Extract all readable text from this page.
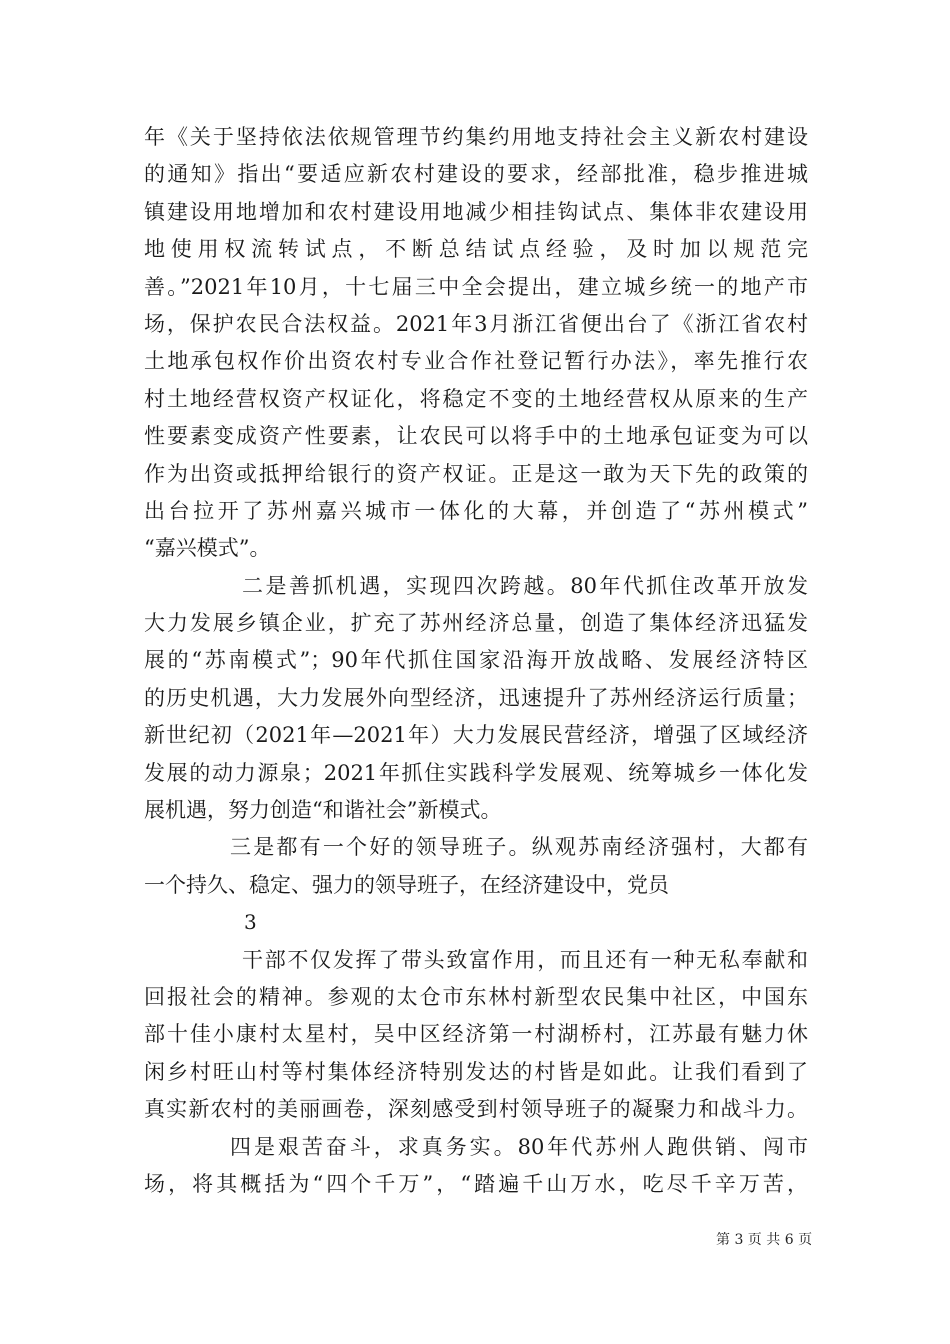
年《关于坚持依法依规管理节约集约用地支持社会主义新农村建设
的通知》指出“要适应新农村建设的要求，经部批准，稳步推进城
镇建设用地增加和农村建设用地减少相挂钩试点、集体非农建设用
地使用权流转试点，不断总结试点经验，及时加以规范完
善。”2021年10月，十七届三中全会提出，建立城乡统一的地产市
场，保护农民合法权益。2021年3月浙江省便出台了《浙江省农村
土地承包权作价出资农村专业合作社登记暂行办法》，率先推行农
村土地经营权资产权证化，将稳定不变的土地经营权从原来的生产
性要素变成资产性要素，让农民可以将手中的土地承包证变为可以
作为出资或抵押给银行的资产权证。正是这一敢为天下先的政策的
出台拉开了苏州嘉兴城市一体化的大幕，并创造了“苏州模式”
“嘉兴模式”。
二是善抓机遇，实现四次跨越。80年代抓住改革开放发
大力发展乡镇企业，扩充了苏州经济总量，创造了集体经济迅猛发
展的“苏南模式”；90年代抓住国家沿海开放战略、发展经济特区
的历史机遇，大力发展外向型经济，迅速提升了苏州经济运行质量；
新世纪初（2021年—2021年）大力发展民营经济，增强了区域经济
发展的动力源泉；2021年抓住实践科学发展观、统筹城乡一体化发
展机遇，努力创造“和谐社会”新模式。
三是都有一个好的领导班子。纵观苏南经济强村，大都有
一个持久、稳定、强力的领导班子，在经济建设中，党员
3
干部不仅发挥了带头致富作用，而且还有一种无私奉献和
回报社会的精神。参观的太仓市东林村新型农民集中社区，中国东
部十佳小康村太星村，吴中区经济第一村湖桥村，江苏最有魅力休
闲乡村旺山村等村集体经济特别发达的村皆是如此。让我们看到了
真实新农村的美丽画卷，深刻感受到村领导班子的凝聚力和战斗力。
四是艰苦奋斗，求真务实。80年代苏州人跑供销、闯市
场，将其概括为“四个千万”，“踏遍千山万水，吃尽千辛万苦，
第 3 页 共 6 页
